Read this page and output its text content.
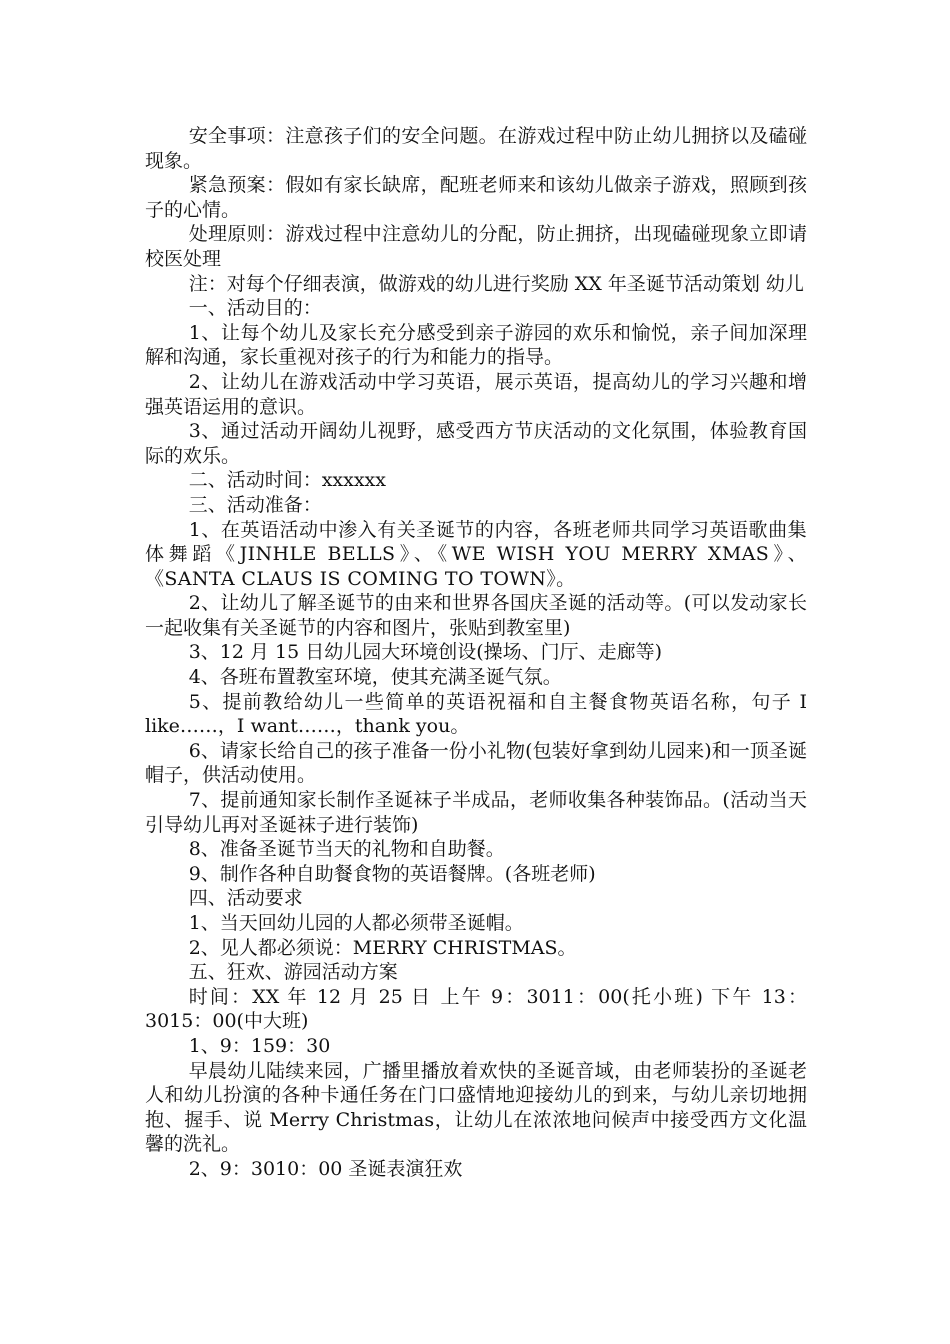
安全事项：注意孩子们的安全问题。在游戏过程中防止幼儿拥挤以及磕碰现象。

紧急预案：假如有家长缺席，配班老师来和该幼儿做亲子游戏，照顾到孩子的心情。

处理原则：游戏过程中注意幼儿的分配，防止拥挤，出现磕碰现象立即请校医处理

注：对每个仔细表演，做游戏的幼儿进行奖励 XX 年圣诞节活动策划 幼儿

一、活动目的：

1、让每个幼儿及家长充分感受到亲子游园的欢乐和愉悦，亲子间加深理解和沟通，家长重视对孩子的行为和能力的指导。

2、让幼儿在游戏活动中学习英语，展示英语，提高幼儿的学习兴趣和增强英语运用的意识。

3、通过活动开阔幼儿视野，感受西方节庆活动的文化氛围，体验教育国际的欢乐。

二、活动时间：xxxxxx

三、活动准备：

1、在英语活动中渗入有关圣诞节的内容，各班老师共同学习英语歌曲集体舞蹈《JINHLE BELLS》、《WE WISH YOU MERRY XMAS》、《SANTA CLAUS IS COMING TO TOWN》。

2、让幼儿了解圣诞节的由来和世界各国庆圣诞的活动等。(可以发动家长一起收集有关圣诞节的内容和图片，张贴到教室里)

3、12 月 15 日幼儿园大环境创设(操场、门厅、走廊等)

4、各班布置教室环境，使其充满圣诞气氛。

5、提前教给幼儿一些简单的英语祝福和自主餐食物英语名称，句子 I like……，I want……，thank you。

6、请家长给自己的孩子准备一份小礼物(包装好拿到幼儿园来)和一顶圣诞帽子，供活动使用。

7、提前通知家长制作圣诞袜子半成品，老师收集各种装饰品。(活动当天引导幼儿再对圣诞袜子进行装饰)

8、准备圣诞节当天的礼物和自助餐。

9、制作各种自助餐食物的英语餐牌。(各班老师)

四、活动要求

1、当天回幼儿园的人都必须带圣诞帽。

2、见人都必须说：MERRY CHRISTMAS。

五、狂欢、游园活动方案

时间：XX 年 12 月 25 日 上午 9：3011：00(托小班) 下午 13：3015：00(中大班)

1、9：159：30

早晨幼儿陆续来园，广播里播放着欢快的圣诞音域，由老师装扮的圣诞老人和幼儿扮演的各种卡通任务在门口盛情地迎接幼儿的到来，与幼儿亲切地拥抱、握手、说 Merry Christmas，让幼儿在浓浓地问候声中接受西方文化温馨的洗礼。

2、9：3010：00 圣诞表演狂欢
